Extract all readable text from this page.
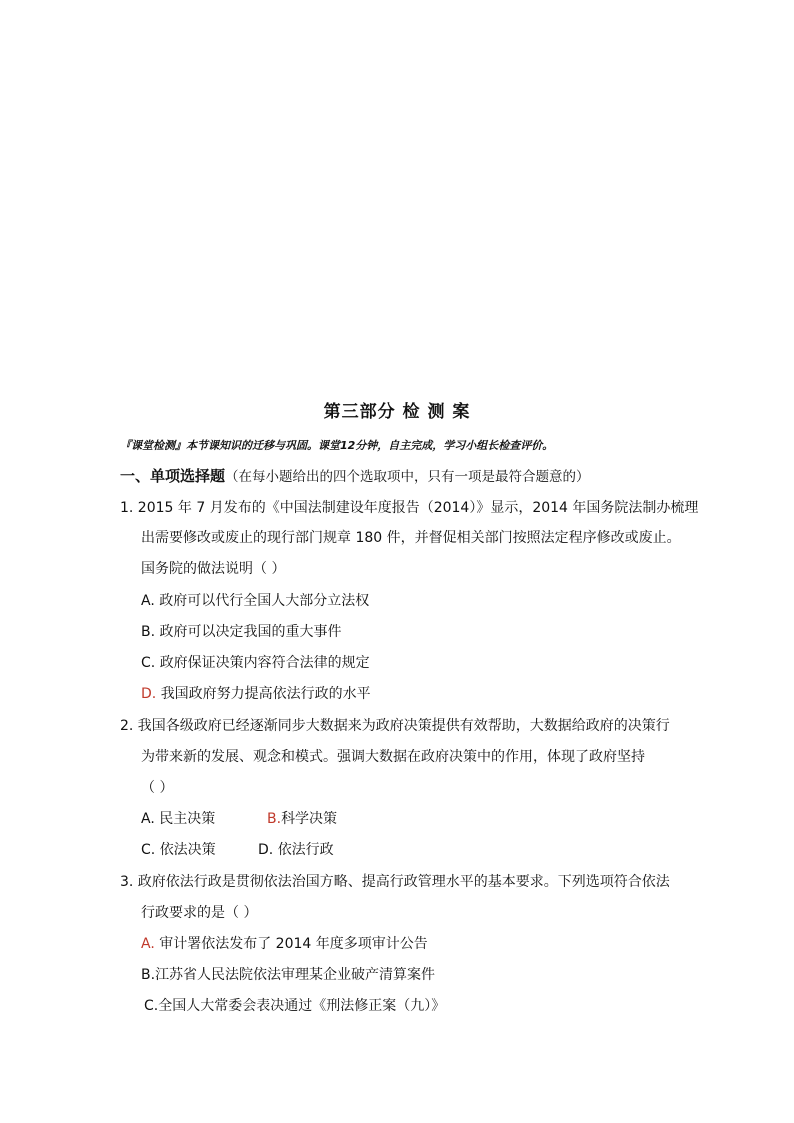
第三部分 检 测 案
『课堂检测』本节课知识的迁移与巩固。课堂12分钟，自主完成，学习小组长检查评价。
一、单项选择题（在每小题给出的四个选取项中，只有一项是最符合题意的）
1. 2015 年 7 月发布的《中国法制建设年度报告（2014）》显示，2014 年国务院法制办梳理
出需要修改或废止的现行部门规章 180 件，并督促相关部门按照法定程序修改或废止。
国务院的做法说明（ ）
A. 政府可以代行全国人大部分立法权
B. 政府可以决定我国的重大事件
C. 政府保证决策内容符合法律的规定
D. 我国政府努力提高依法行政的水平
2. 我国各级政府已经逐渐同步大数据来为政府决策提供有效帮助，大数据给政府的决策行
为带来新的发展、观念和模式。强调大数据在政府决策中的作用，体现了政府坚持
（ ）
A. 民主决策	B.科学决策
C. 依法决策	D. 依法行政
3. 政府依法行政是贯彻依法治国方略、提高行政管理水平的基本要求。下列选项符合依法
行政要求的是（ ）
A. 审计署依法发布了 2014 年度多项审计公告
B.江苏省人民法院依法审理某企业破产清算案件
C.全国人大常委会表决通过《刑法修正案（九）》
